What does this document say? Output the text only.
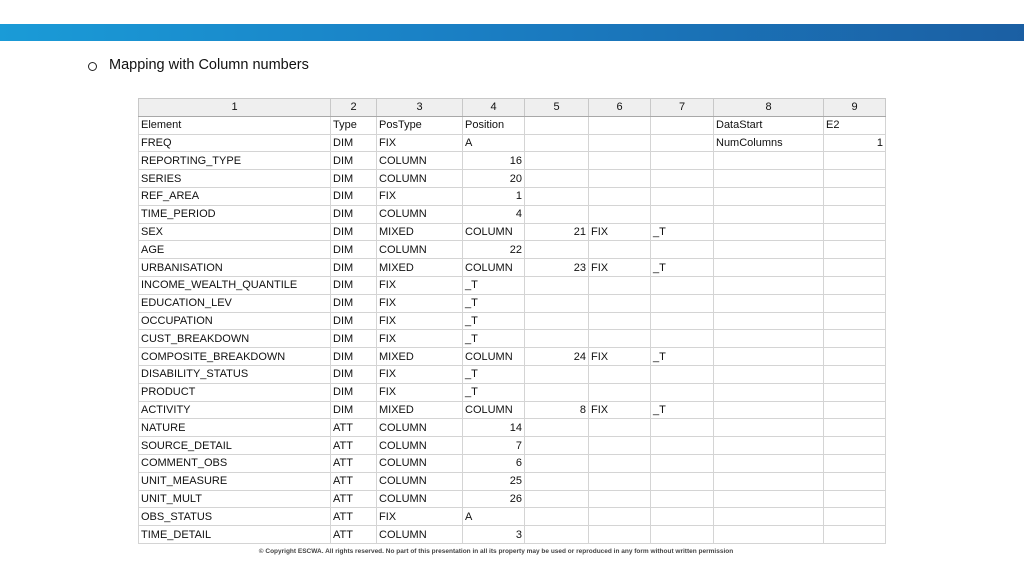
Mapping with Column numbers
1	2	3	4	5	6	7	8	9
Element	Type	PosType	Position				DataStart	E2
FREQ	DIM	FIX	A				NumColumns	1
REPORTING_TYPE	DIM	COLUMN	16					
SERIES	DIM	COLUMN	20					
REF_AREA	DIM	FIX	1					
TIME_PERIOD	DIM	COLUMN	4					
SEX	DIM	MIXED	COLUMN	21	FIX	_T		
AGE	DIM	COLUMN	22					
URBANISATION	DIM	MIXED	COLUMN	23	FIX	_T		
INCOME_WEALTH_QUANTILE	DIM	FIX	_T					
EDUCATION_LEV	DIM	FIX	_T					
OCCUPATION	DIM	FIX	_T					
CUST_BREAKDOWN	DIM	FIX	_T					
COMPOSITE_BREAKDOWN	DIM	MIXED	COLUMN	24	FIX	_T		
DISABILITY_STATUS	DIM	FIX	_T					
PRODUCT	DIM	FIX	_T					
ACTIVITY	DIM	MIXED	COLUMN	8	FIX	_T		
NATURE	ATT	COLUMN	14					
SOURCE_DETAIL	ATT	COLUMN	7					
COMMENT_OBS	ATT	COLUMN	6					
UNIT_MEASURE	ATT	COLUMN	25					
UNIT_MULT	ATT	COLUMN	26					
OBS_STATUS	ATT	FIX	A					
TIME_DETAIL	ATT	COLUMN	3					
© Copyright ESCWA. All rights reserved. No part of this presentation in all its property may be used or reproduced in any form without written permission
